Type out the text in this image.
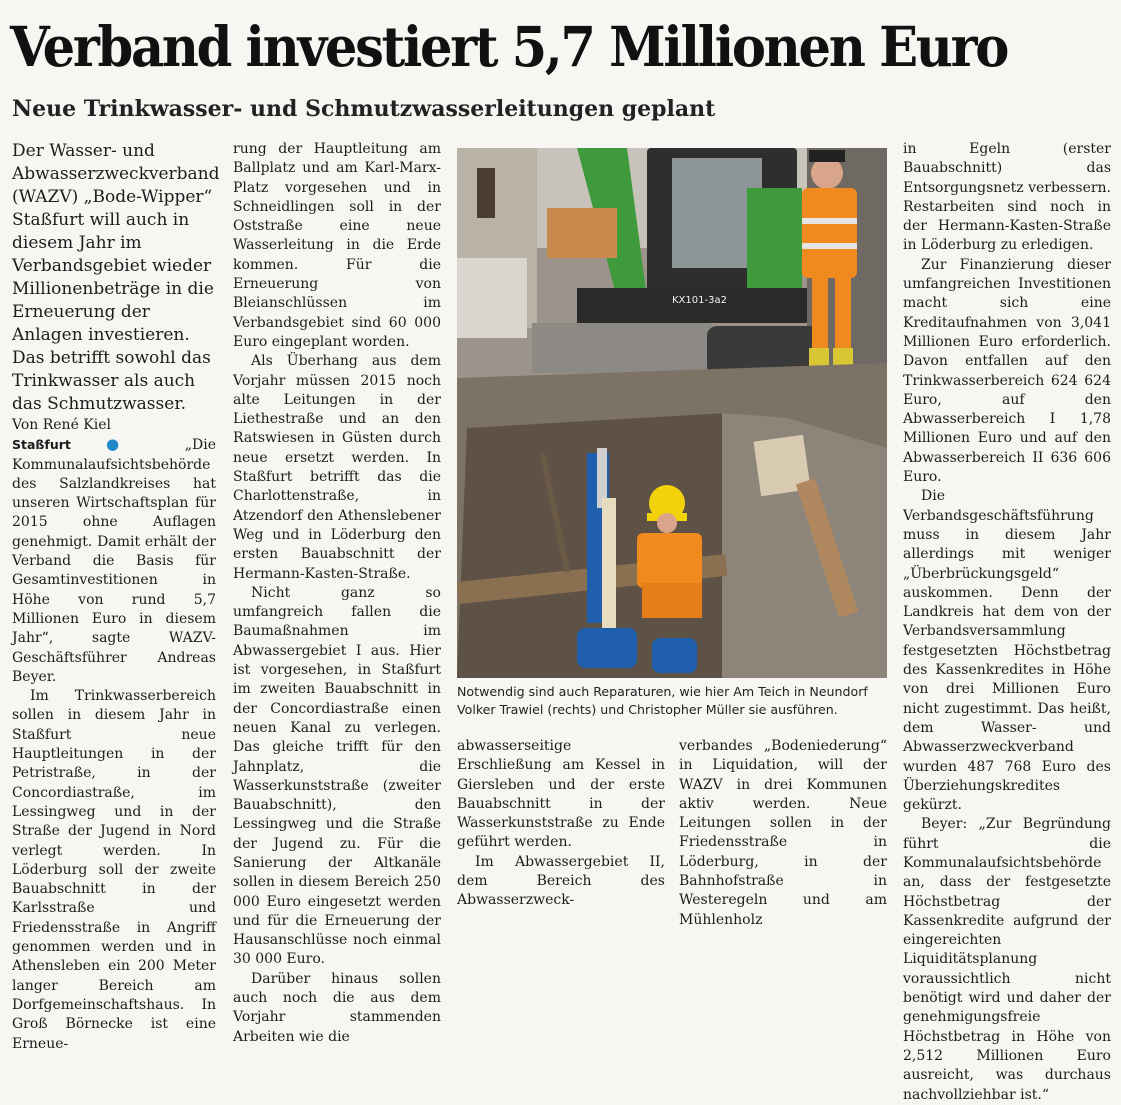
Verband investiert 5,7 Millionen Euro
Neue Trinkwasser- und Schmutzwasserleitungen geplant

Der Wasser- und Abwasserzweckverband (WAZV) „Bode-Wipper“ Staßfurt will auch in diesem Jahr im Verbandsgebiet wieder Millionenbeträge in die Erneuerung der Anlagen investieren. Das betrifft sowohl das Trinkwasser als auch das Schmutzwasser.

Von René Kiel

Staßfurt ●	„Die Kommunalaufsichtsbehörde des Salzlandkreises hat unseren Wirtschaftsplan für 2015 ohne Auflagen genehmigt. Damit erhält der Verband die Basis für Gesamtinvestitionen in Höhe von rund 5,7 Millionen Euro in diesem Jahr“, sagte WAZV-Geschäftsführer Andreas Beyer.

Im Trinkwasserbereich sollen in diesem Jahr in Staßfurt neue Hauptleitungen in der Petristraße, in der Concordiastraße, im Lessingweg und in der Straße der Jugend in Nord verlegt werden. In Löderburg soll der zweite Bauabschnitt in der Karlsstraße und Friedensstraße in Angriff genommen werden und in Athensleben ein 200 Meter langer Bereich am Dorfgemeinschaftshaus. In Groß Börnecke ist eine Erneue-

rung der Hauptleitung am Ballplatz und am Karl-Marx-Platz vorgesehen und in Schneidlingen soll in der Oststraße eine neue Wasserleitung in die Erde kommen. Für die Erneuerung von Bleianschlüssen im Verbandsgebiet sind 60 000 Euro eingeplant worden.

Als Überhang aus dem Vorjahr müssen 2015 noch alte Leitungen in der Liethestraße und an den Ratswiesen in Güsten durch neue ersetzt werden. In Staßfurt betrifft das die Charlottenstraße, in Atzendorf den Athenslebener Weg und in Löderburg den ersten Bauabschnitt der Hermann-Kasten-Straße.

Nicht ganz so umfangreich fallen die Baumaßnahmen im Abwassergebiet I aus. Hier ist vorgesehen, in Staßfurt im zweiten Bauabschnitt in der Concordiastraße einen neuen Kanal zu verlegen. Das gleiche trifft für den Jahnplatz, die Wasserkunststraße (zweiter Bauabschnitt), den Lessingweg und die Straße der Jugend zu. Für die Sanierung der Altkanäle sollen in diesem Bereich 250 000 Euro eingesetzt werden und für die Erneuerung der Hausanschlüsse noch einmal 30 000 Euro.

Darüber hinaus sollen auch noch die aus dem Vorjahr stammenden Arbeiten wie die

KX101-3a2
Notwendig sind auch Reparaturen, wie hier Am Teich in Neundorf
Volker Trawiel (rechts) und Christopher Müller sie ausführen.

abwasserseitige Erschließung am Kessel in Giersleben und der erste Bauabschnitt in der Wasserkunststraße zu Ende geführt werden.

Im Abwassergebiet II, dem Bereich des Abwasserzweck-

verbandes „Bodeniederung“ in Liquidation, will der WAZV in drei Kommunen aktiv werden. Neue Leitungen sollen in der Friedensstraße in Löderburg, in der Bahnhofstraße in Westeregeln und am Mühlenholz

in Egeln (erster Bauabschnitt) das Entsorgungsnetz verbessern. Restarbeiten sind noch in der Hermann-Kasten-Straße in Löderburg zu erledigen.

Zur Finanzierung dieser umfangreichen Investitionen macht sich eine Kreditaufnahmen von 3,041 Millionen Euro erforderlich. Davon entfallen auf den Trinkwasserbereich 624 624 Euro, auf den Abwasserbereich I 1,78 Millionen Euro und auf den Abwasserbereich II 636 606 Euro.

Die Verbandsgeschäftsführung muss in diesem Jahr allerdings mit weniger „Überbrückungsgeld“ auskommen. Denn der Landkreis hat dem von der Verbandsversammlung festgesetzten Höchstbetrag des Kassenkredites in Höhe von drei Millionen Euro nicht zugestimmt. Das heißt, dem Wasser- und Abwasserzweckverband wurden 487 768 Euro des Überziehungskredites gekürzt.

Beyer: „Zur Begründung führt die Kommunalaufsichtsbehörde an, dass der festgesetzte Höchstbetrag der Kassenkredite aufgrund der eingereichten Liquiditätsplanung voraussichtlich nicht benötigt wird und daher der genehmigungsfreie Höchstbetrag in Höhe von 2,512 Millionen Euro ausreicht, was durchaus nachvollziehbar ist.“
